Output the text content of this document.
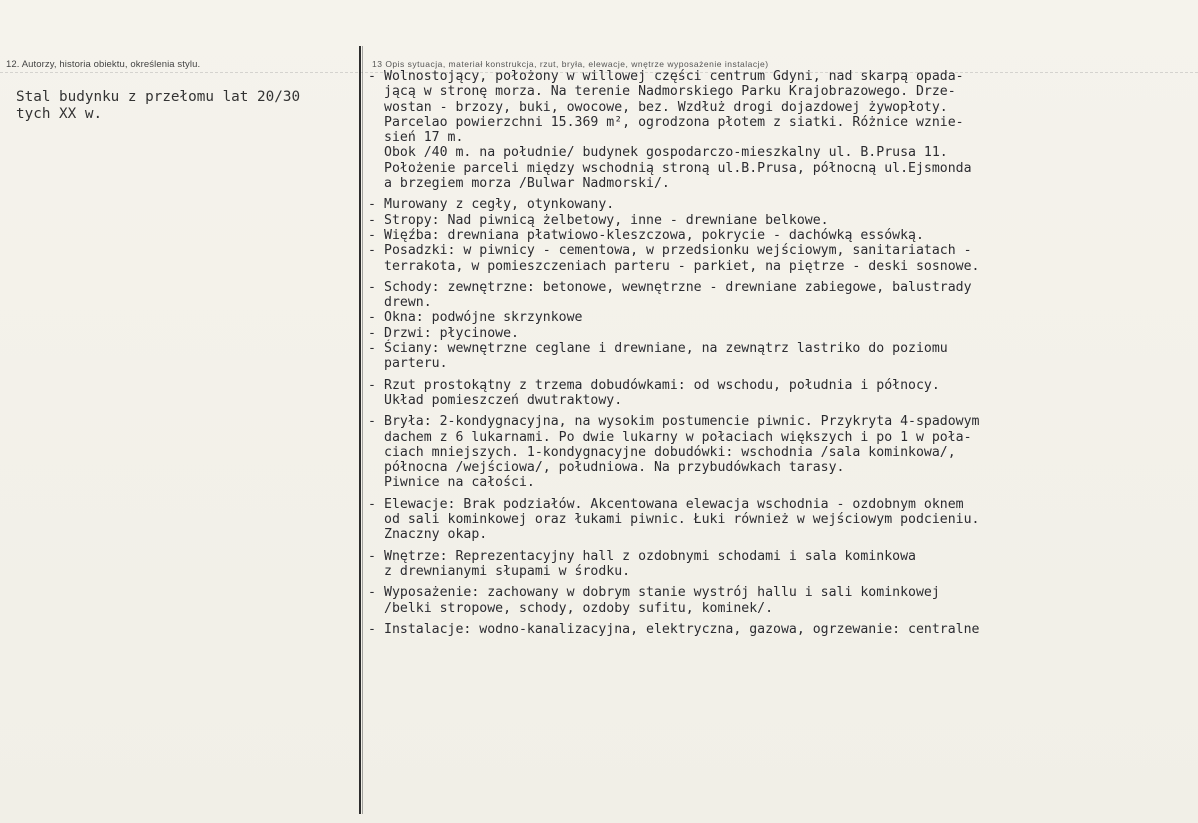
12. Autorzy, historia obiektu, określenia stylu.	13 Opis sytuacja, materiał konstrukcja, rzut, bryła, elewacje, wnętrze wyposażenie instalacje)
Stal budynku z przełomu lat 20/30
tych XX w.
- Wolnostojący, położony w willowej części centrum Gdyni, nad skarpą opada-
jącą w stronę morza. Na terenie Nadmorskiego Parku Krajobrazowego. Drze-
wostan - brzozy, buki, owocowe, bez. Wzdłuż drogi dojazdowej żywopłoty.
Parcelao powierzchni 15.369 m², ogrodzona płotem z siatki. Różnice wznie-
sień 17 m.
Obok /40 m. na południe/ budynek gospodarczo-mieszkalny ul. B.Prusa 11.
Położenie parceli między wschodnią stroną ul.B.Prusa, północną ul.Ejsmonda
a brzegiem morza /Bulwar Nadmorski/.
- Murowany z cegły, otynkowany.
- Stropy: Nad piwnicą żelbetowy, inne - drewniane belkowe.
- Więźba: drewniana płatwiowo-kleszczowa, pokrycie - dachówką essówką.
- Posadzki: w piwnicy - cementowa, w przedsionku wejściowym, sanitariatach -
terrakota, w pomieszczeniach parteru - parkiet, na piętrze - deski sosnowe.
- Schody: zewnętrzne: betonowe, wewnętrzne - drewniane zabiegowe, balustrady
drewn.
- Okna: podwójne skrzynkowe
- Drzwi: płycinowe.
- Ściany: wewnętrzne ceglane i drewniane, na zewnątrz lastriko do poziomu
parteru.
- Rzut prostokątny z trzema dobudówkami: od wschodu, południa i północy.
Układ pomieszczeń dwutraktowy.
- Bryła: 2-kondygnacyjna, na wysokim postumencie piwnic. Przykryta 4-spadowym
dachem z 6 lukarnami. Po dwie lukarny w połaciach większych i po 1 w poła-
ciach mniejszych. 1-kondygnacyjne dobudówki: wschodnia /sala kominkowa/,
północna /wejściowa/, południowa. Na przybudówkach tarasy.
Piwnice na całości.
- Elewacje: Brak podziałów. Akcentowana elewacja wschodnia - ozdobnym oknem
od sali kominkowej oraz łukami piwnic. Łuki również w wejściowym podcieniu.
Znaczny okap.
- Wnętrze: Reprezentacyjny hall z ozdobnymi schodami i sala kominkowa
z drewnianymi słupami w środku.
- Wyposażenie: zachowany w dobrym stanie wystrój hallu i sali kominkowej
/belki stropowe, schody, ozdoby sufitu, kominek/.
- Instalacje: wodno-kanalizacyjna, elektryczna, gazowa, ogrzewanie: centralne
